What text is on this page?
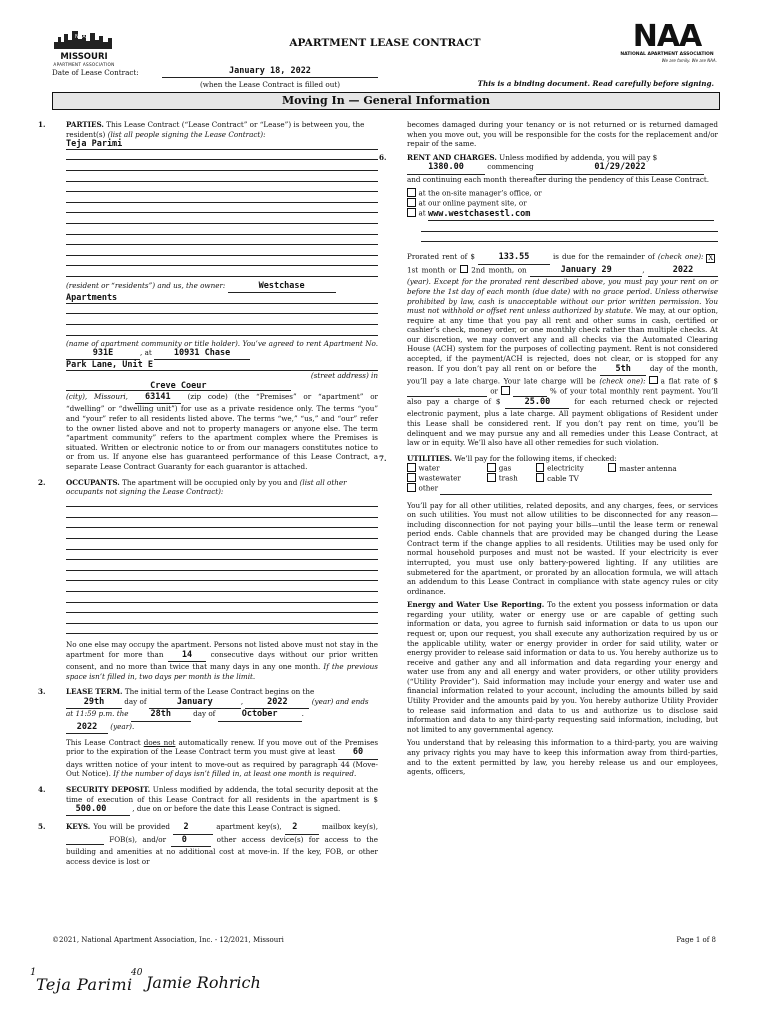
NAA
MISSOURI
APARTMENT ASSOCIATION
APARTMENT LEASE CONTRACT	NAA
NATIONAL APARTMENT ASSOCIATION
We are family. We are NAA.
Date of Lease Contract:	January 18, 2022
(when the Lease Contract is filled out)	This is a binding document. Read carefully before signing.
Moving In — General Information
1.	PARTIES. This Lease Contract (“Lease Contract” or “Lease”) is between you, the resident(s) (list all people signing the Lease Contract):
Teja Parimi
(resident or “residents”) and us, the owner:	Westchase
Apartments
(name of apartment community or title holder). You’ve agreed to rent Apartment No. 931E	, at	10931 Chase
Park Lane, Unit E
(street address) in
Creve Coeur

(city), Missouri, 63141 (zip code) (the “Premises” or “apartment” or “dwelling” or “dwelling unit”) for use as a private residence only. The terms “you” and “your” refer to all residents listed above. The terms “we,” “us,” and “our” refer to the owner listed above and not to property managers or anyone else. The term “apartment community” refers to the apartment complex where the Premises is situated. Written or electronic notice to or from our managers constitutes notice to or from us. If anyone else has guaranteed performance of this Lease Contract, a separate Lease Contract Guaranty for each guarantor is attached.

2.	OCCUPANTS. The apartment will be occupied only by you and (list all other occupants not signing the Lease Contract):

No one else may occupy the apartment. Persons not listed above must not stay in the apartment for more than 14	consecutive days without our prior written consent, and no more than twice that many days in any one month. If the previous space isn’t filled in, two days per month is the limit.

3.	LEASE TERM. The initial term of the Lease Contract begins on the
29th	day of	January	,	2022	(year) and ends at 11:59 p.m. the	28th	day of	October	.
2022 (year).

This Lease Contract does not automatically renew. If you move out of the Premises prior to the expiration of the Lease Contract term you must give at least 60 days written notice of your intent to move-out as required by paragraph 44 (Move-Out Notice). If the number of days isn’t filled in, at least one month is required.

4.	SECURITY DEPOSIT. Unless modified by addenda, the total security deposit at the time of execution of this Lease Contract for all residents in the apartment is $ 500.00	, due on or before the date this Lease Contract is signed.

5.	KEYS. You will be provided 2	apartment key(s), 2	mailbox key(s),   FOB(s), and/or 0	other access device(s) for access to the building and amenities at no additional cost at move-in. If the key, FOB, or other access device is lost or

becomes damaged during your tenancy or is not returned or is returned damaged when you move out, you will be responsible for the costs for the replacement and/or repair of the same.

6.	RENT AND CHARGES. Unless modified by addenda, you will pay $
1380.00	commencing	01/29/2022

and continuing each month thereafter during the pendency of this Lease Contract.

at the on-site manager’s office, or
at our online payment site, or
at www.westchasestl.com

Prorated rent of $	133.55	is due for the remainder of (check one): X1st month or 2nd month, on	January 29	,	2022 (year). Except for the prorated rent described above, you must pay your rent on or before the 1st day of each month (due date) with no grace period. Unless otherwise prohibited by law, cash is unacceptable without our prior written permission. You must not withhold or offset rent unless authorized by statute. We may, at our option, require at any time that you pay all rent and other sums in cash, certified or cashier’s check, money order, or one monthly check rather than multiple checks. At our discretion, we may convert any and all checks via the Automated Clearing House (ACH) system for the purposes of collecting payment. Rent is not considered accepted, if the payment/ACH is rejected, does not clear, or is stopped for any reason. If you don’t pay all rent on or before the 5th	day of the month, you’ll pay a late charge. Your late charge will be (check one): a flat rate of $   or	% of your total monthly rent payment. You’ll also pay a charge of $	25.00	for each returned check or rejected electronic payment, plus a late charge. All payment obligations of Resident under this Lease shall be considered rent. If you don’t pay rent on time, you’ll be delinquent and we may pursue any and all remedies under this Lease Contract, at law or in equity. We’ll also have all other remedies for such violation.

7.	UTILITIES. We’ll pay for the following items, if checked:
water	gas	electricity	master antenna
wastewater	trash	cable TV
other

You’ll pay for all other utilities, related deposits, and any charges, fees, or services on such utilities. You must not allow utilities to be disconnected for any reason—including disconnection for not paying your bills—until the lease term or renewal period ends. Cable channels that are provided may be changed during the Lease Contract term if the change applies to all residents. Utilities may be used only for normal household purposes and must not be wasted. If your electricity is ever interrupted, you must use only battery-powered lighting. If any utilities are submetered for the apartment, or prorated by an allocation formula, we will attach an addendum to this Lease Contract in compliance with state agency rules or city ordinance.

Energy and Water Use Reporting. To the extent you possess information or data regarding your utility, water or energy use or are capable of getting such information or data, you agree to furnish said information or data to us upon our request or, upon our request, you shall execute any authorization required by us or the applicable utility, water or energy provider in order for said utility, water or energy provider to release said information or data to us. You hereby authorize us to receive and gather any and all information and data regarding your energy and water use from any and all energy and water providers, or other utility providers (“Utility Provider”). Said information may include your energy and water use and financial information related to your account, including the amounts billed by said Utility Provider and the amounts paid by you. You hereby authorize Utility Provider to release said information and data to us and authorize us to disclose said information and data to any third-party requesting said information, including, but not limited to any governmental agency.

You understand that by releasing this information to a third-party, you are waiving any privacy rights you may have to keep this information away from third-parties, and to the extent permitted by law, you hereby release us and our employees, agents, officers,

©2021, National Apartment Association, Inc. - 12/2021, Missouri	Page 1 of 8
1
Teja Parimi
40 Jamie Rohrich
